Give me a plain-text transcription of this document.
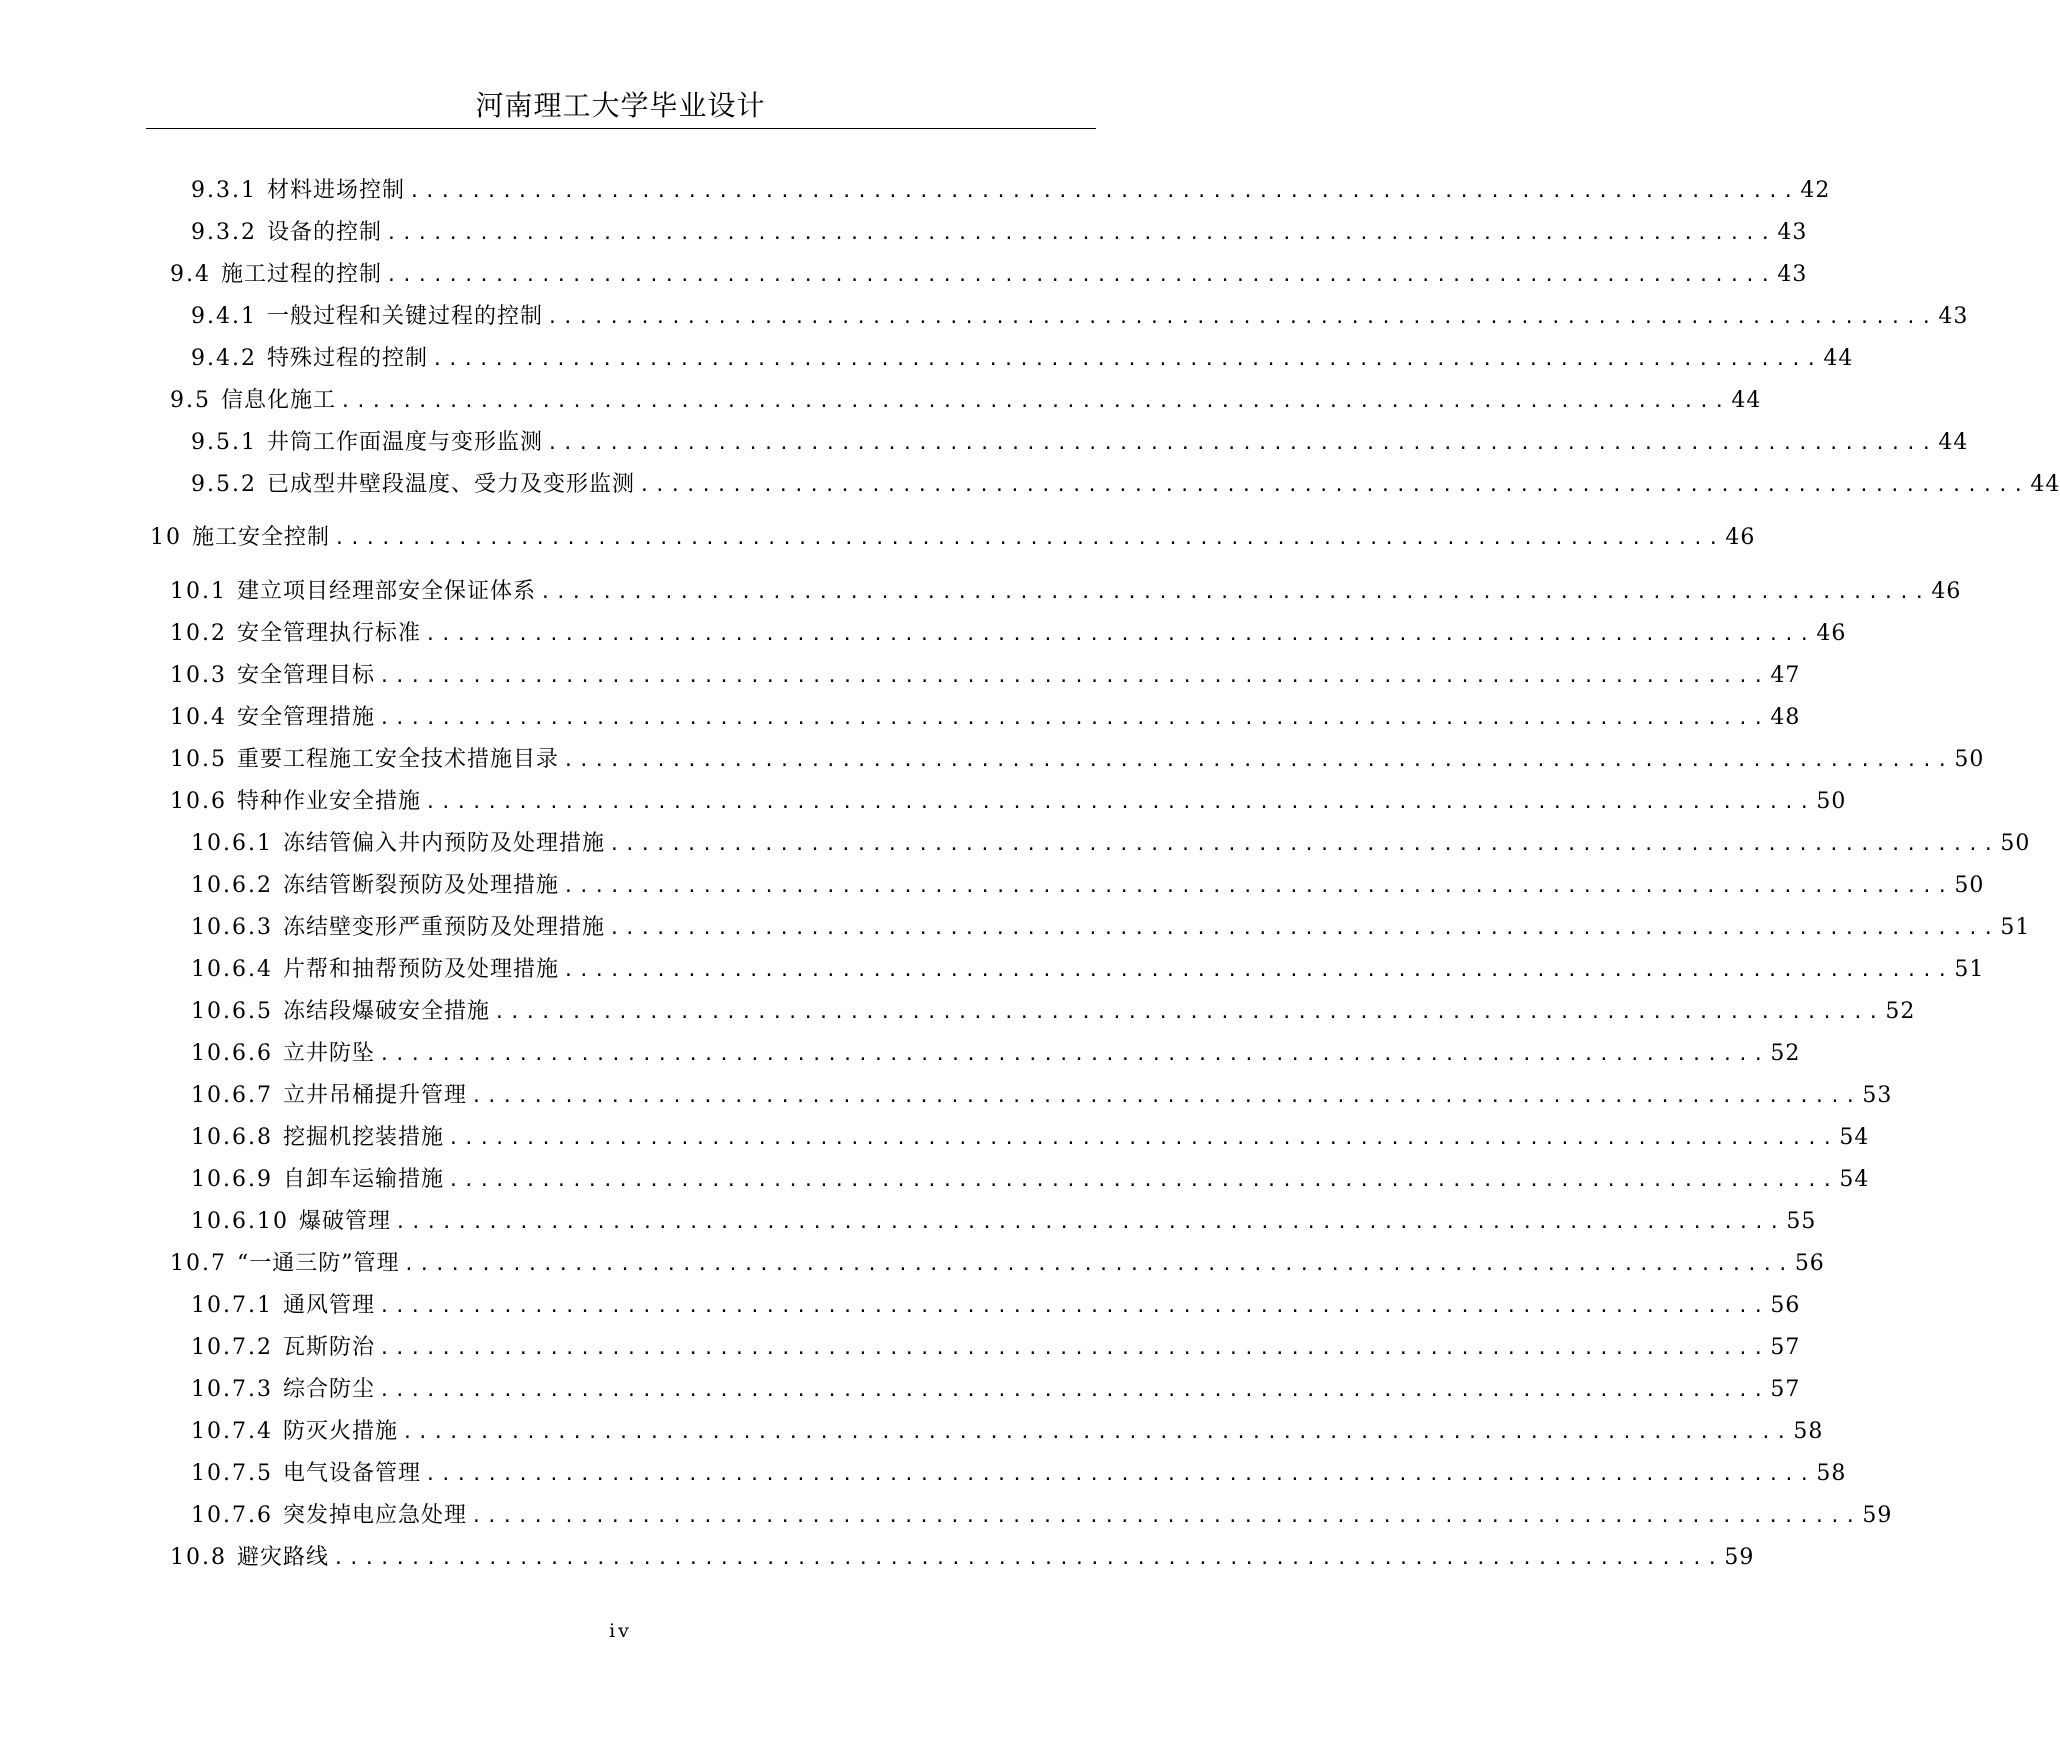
河南理工大学毕业设计
9.3.1 材料进场控制 .......................................................................................... 42
9.3.2 设备的控制 .......................................................................................... 43
9.4 施工过程的控制 .......................................................................................... 43
9.4.1 一般过程和关键过程的控制 .......................................................................................... 43
9.4.2 特殊过程的控制 .......................................................................................... 44
9.5 信息化施工 .......................................................................................... 44
9.5.1 井筒工作面温度与变形监测 .......................................................................................... 44
9.5.2 已成型井壁段温度、受力及变形监测 .......................................................................................... 44
10 施工安全控制 .......................................................................................... 46
10.1 建立项目经理部安全保证体系 .......................................................................................... 46
10.2 安全管理执行标准 .......................................................................................... 46
10.3 安全管理目标 .......................................................................................... 47
10.4 安全管理措施 .......................................................................................... 48
10.5 重要工程施工安全技术措施目录 .......................................................................................... 50
10.6 特种作业安全措施 .......................................................................................... 50
10.6.1 冻结管偏入井内预防及处理措施 .......................................................................................... 50
10.6.2 冻结管断裂预防及处理措施 .......................................................................................... 50
10.6.3 冻结壁变形严重预防及处理措施 .......................................................................................... 51
10.6.4 片帮和抽帮预防及处理措施 .......................................................................................... 51
10.6.5 冻结段爆破安全措施 .......................................................................................... 52
10.6.6 立井防坠 .......................................................................................... 52
10.6.7 立井吊桶提升管理 .......................................................................................... 53
10.6.8 挖掘机挖装措施 .......................................................................................... 54
10.6.9 自卸车运输措施 .......................................................................................... 54
10.6.10 爆破管理 .......................................................................................... 55
10.7 “一通三防”管理 .......................................................................................... 56
10.7.1 通风管理 .......................................................................................... 56
10.7.2 瓦斯防治 .......................................................................................... 57
10.7.3 综合防尘 .......................................................................................... 57
10.7.4 防灭火措施 .......................................................................................... 58
10.7.5 电气设备管理 .......................................................................................... 58
10.7.6 突发掉电应急处理 .......................................................................................... 59
10.8 避灾路线 .......................................................................................... 59
iv
